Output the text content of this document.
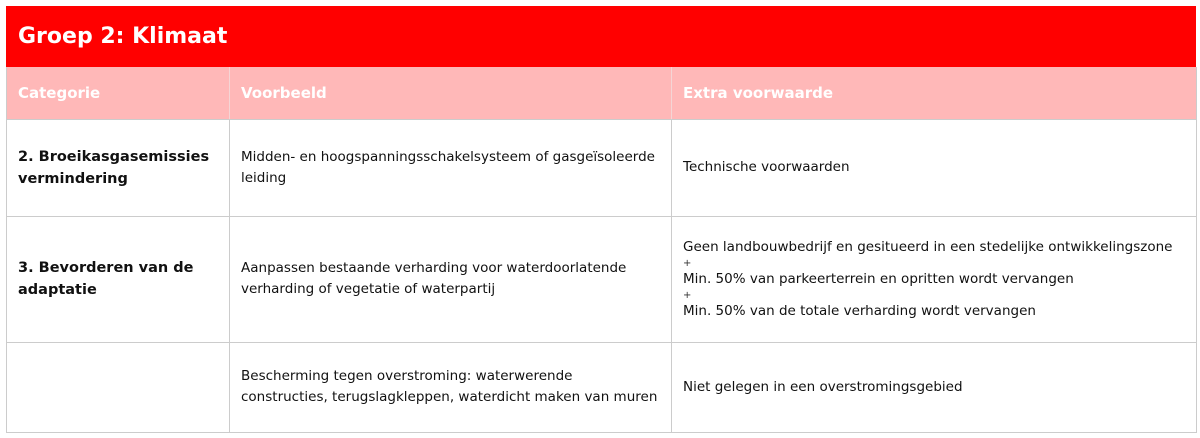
Groep 2: Klimaat
Categorie	Voorbeeld	Extra voorwaarde
2. Broeikasgasemissies vermindering	Midden- en hoogspanningsschakelsysteem of gasgeïsoleerde leiding	Technische voorwaarden

3. Bevorderen van de adaptatie	Aanpassen bestaande verharding voor waterdoorlatende verharding of vegetatie of waterpartij	Geen landbouwbedrijf en gesitueerd in een stedelijke ontwikkelingszone
+
Min. 50% van parkeerterrein en opritten wordt vervangen
+
Min. 50% van de totale verharding wordt vervangen

	Bescherming tegen overstroming: waterwerende constructies, terugslagkleppen, waterdicht maken van muren	Niet gelegen in een overstromingsgebied
